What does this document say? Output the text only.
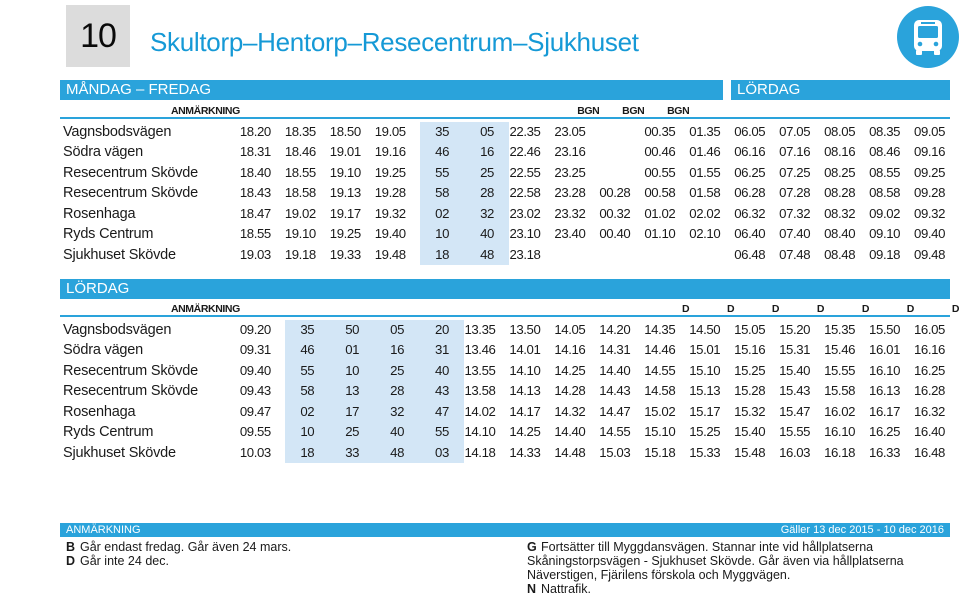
10 Skultorp–Hentorp–Resecentrum–Sjukhuset
MÅNDAG – FREDAG	LÖRDAG
ANMÄRKNING								BGN	BGN	BGN						
Vagnsbodsvägen	18.20	18.35	18.50	19.05	35	05	22.35	23.05		00.35	01.35	06.05	07.05	08.05	08.35	09.05
Södra vägen	18.31	18.46	19.01	19.16	46	16	22.46	23.16		00.46	01.46	06.16	07.16	08.16	08.46	09.16
Resecentrum Skövde	18.40	18.55	19.10	19.25	55	25	22.55	23.25		00.55	01.55	06.25	07.25	08.25	08.55	09.25
Resecentrum Skövde	18.43	18.58	19.13	19.28	58	28	22.58	23.28	00.28	00.58	01.58	06.28	07.28	08.28	08.58	09.28
Rosenhaga	18.47	19.02	19.17	19.32	02	32	23.02	23.32	00.32	01.02	02.02	06.32	07.32	08.32	09.02	09.32
Ryds Centrum	18.55	19.10	19.25	19.40	10	40	23.10	23.40	00.40	01.10	02.10	06.40	07.40	08.40	09.10	09.40
Sjukhuset Skövde	19.03	19.18	19.33	19.48	18	48	23.18					06.48	07.48	08.48	09.18	09.48
LÖRDAG
ANMÄRKNING										D	D	D	D	D	D	D	
Vagnsbodsvägen	09.20	35	50	05	20	13.35	13.50	14.05	14.20	14.35	14.50	15.05	15.20	15.35	15.50	16.05	
Södra vägen	09.31	46	01	16	31	13.46	14.01	14.16	14.31	14.46	15.01	15.16	15.31	15.46	16.01	16.16	
Resecentrum Skövde	09.40	55	10	25	40	13.55	14.10	14.25	14.40	14.55	15.10	15.25	15.40	15.55	16.10	16.25	
Resecentrum Skövde	09.43	58	13	28	43	13.58	14.13	14.28	14.43	14.58	15.13	15.28	15.43	15.58	16.13	16.28	
Rosenhaga	09.47	02	17	32	47	14.02	14.17	14.32	14.47	15.02	15.17	15.32	15.47	16.02	16.17	16.32	
Ryds Centrum	09.55	10	25	40	55	14.10	14.25	14.40	14.55	15.10	15.25	15.40	15.55	16.10	16.25	16.40	
Sjukhuset Skövde	10.03	18	33	48	03	14.18	14.33	14.48	15.03	15.18	15.33	15.48	16.03	16.18	16.33	16.48	
ANMÄRKNING	Gäller 13 dec 2015 - 10 dec 2016
B Går endast fredag. Går även 24 mars.
D Går inte 24 dec.
G Fortsätter till Myggdansvägen. Stannar inte vid hållplatserna Skåningstorpsvägen - Sjukhuset Skövde. Går även via hållplatserna Näverstigen, Fjärilens förskola och Myggvägen.
N Nattrafik.
